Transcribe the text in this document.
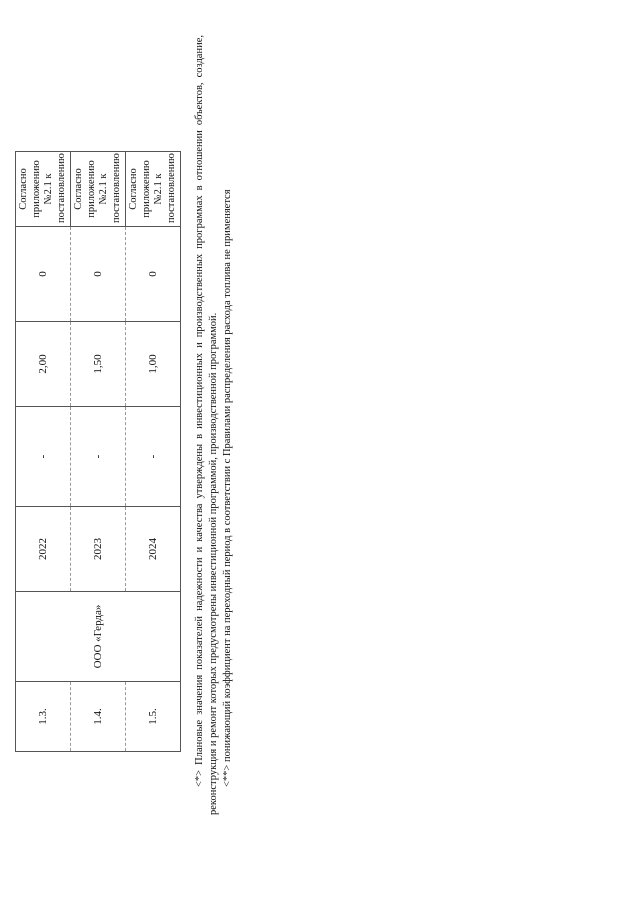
1.3.	ООО «Герда»	2022	-	2,00	0	Согласно приложению №2.1 к постановлению
1.4.		2023	-	1,50	0	Согласно приложению №2.1 к постановлению
1.5.		2024	-	1,00	0	Согласно приложению №2.1 к постановлению <*> Плановые значения показателей надежности и качества утверждены в инвестиционных и производственных программах в отношении объектов, создание, реконструкция и ремонт которых предусмотрены инвестиционной программой, производственной программой. <**> понижающий коэффициент на переходный период в соответствии с Правилами распределения расхода топлива не применяется
